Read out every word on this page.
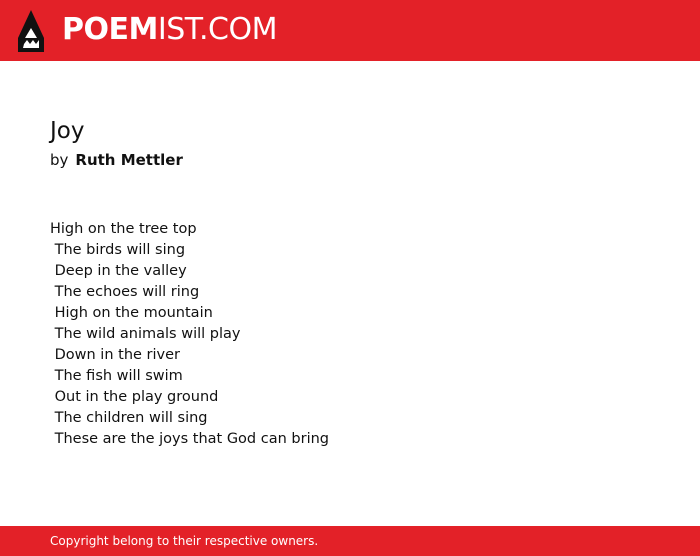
POEMIST.COM
Joy
by Ruth Mettler
High on the tree top
The birds will sing
Deep in the valley
The echoes will ring
High on the mountain
The wild animals will play
Down in the river
The fish will swim
Out in the play ground
The children will sing
These are the joys that God can bring
Copyright belong to their respective owners.
